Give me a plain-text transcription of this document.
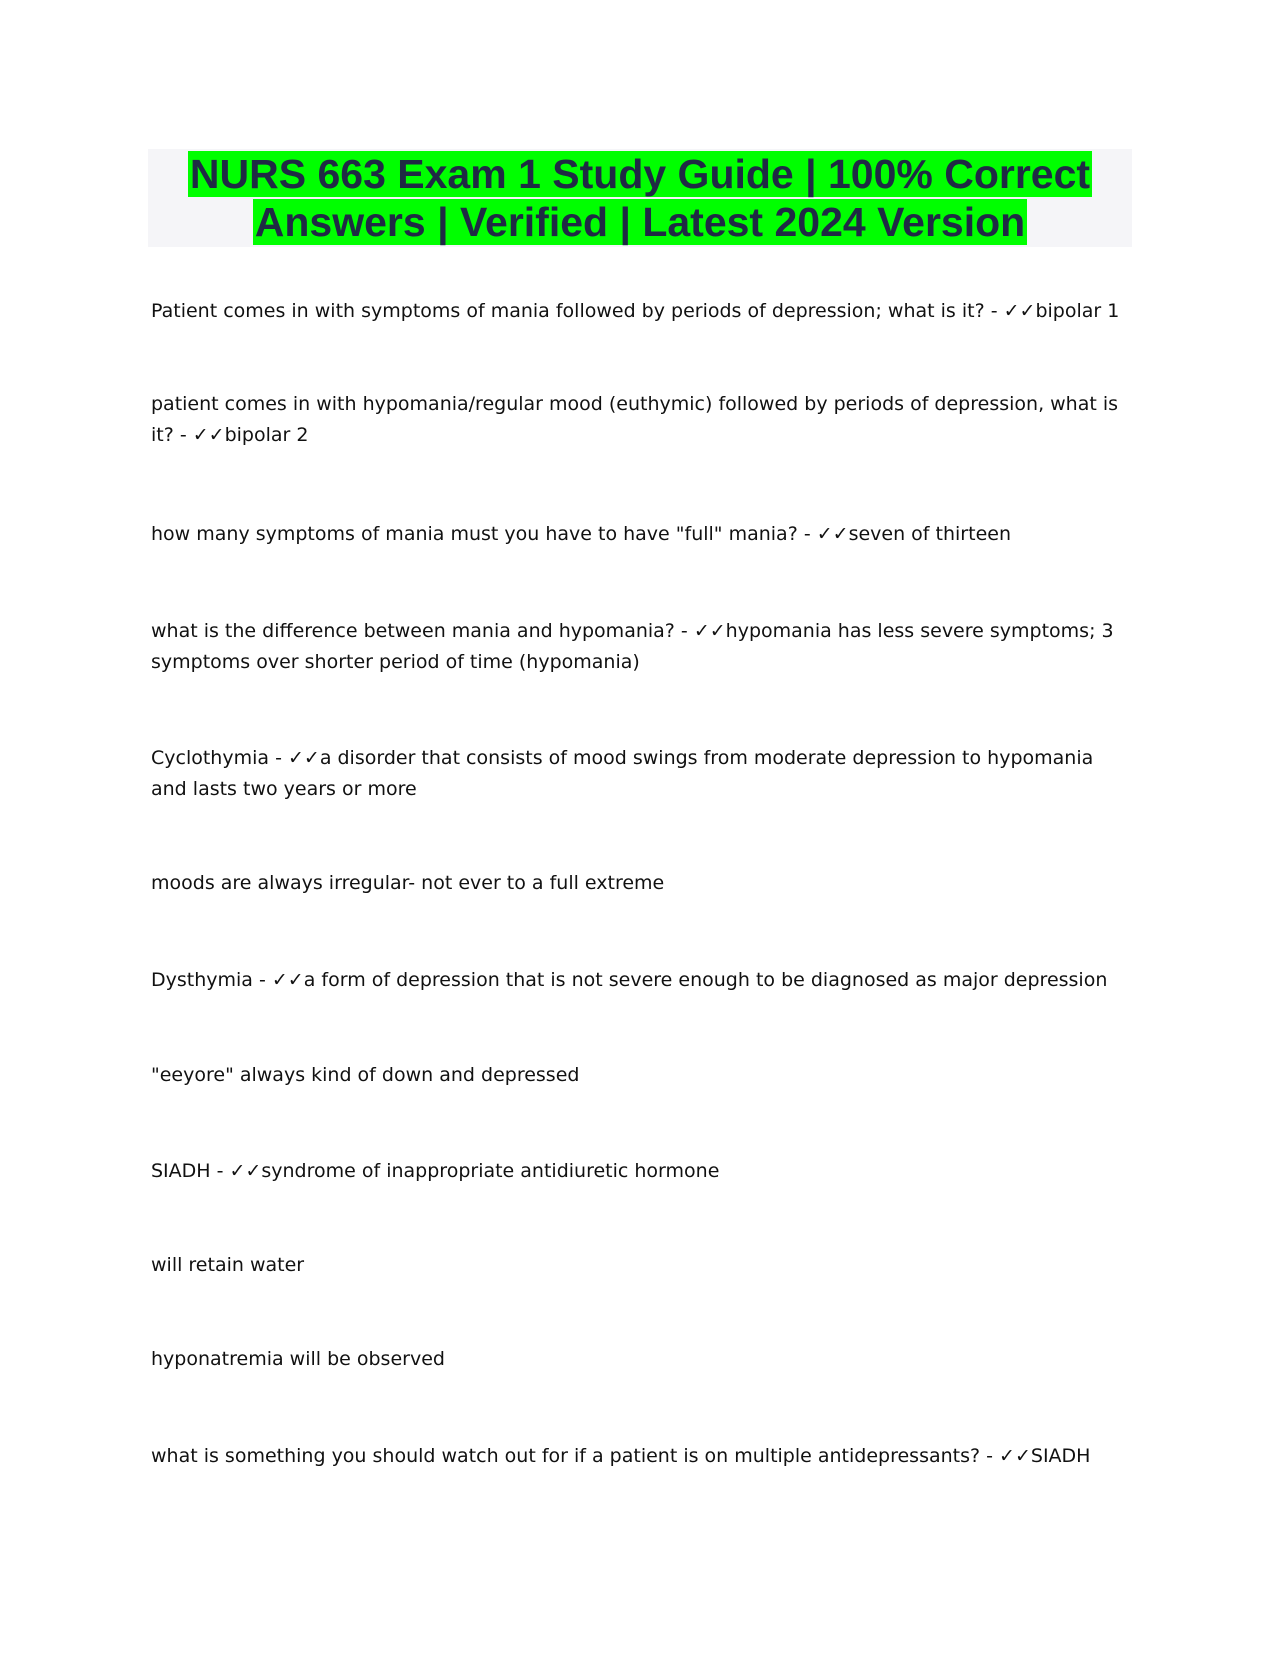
NURS 663 Exam 1 Study Guide | 100% Correct
Answers | Verified | Latest 2024 Version
Patient comes in with symptoms of mania followed by periods of depression; what is it? - ✓✓bipolar 1
patient comes in with hypomania/regular mood (euthymic) followed by periods of depression, what is it? - ✓✓bipolar 2
how many symptoms of mania must you have to have "full" mania? - ✓✓seven of thirteen
what is the difference between mania and hypomania? - ✓✓hypomania has less severe symptoms; 3 symptoms over shorter period of time (hypomania)
Cyclothymia - ✓✓a disorder that consists of mood swings from moderate depression to hypomania and lasts two years or more
moods are always irregular- not ever to a full extreme
Dysthymia - ✓✓a form of depression that is not severe enough to be diagnosed as major depression
"eeyore" always kind of down and depressed
SIADH - ✓✓syndrome of inappropriate antidiuretic hormone
will retain water
hyponatremia will be observed
what is something you should watch out for if a patient is on multiple antidepressants? - ✓✓SIADH
